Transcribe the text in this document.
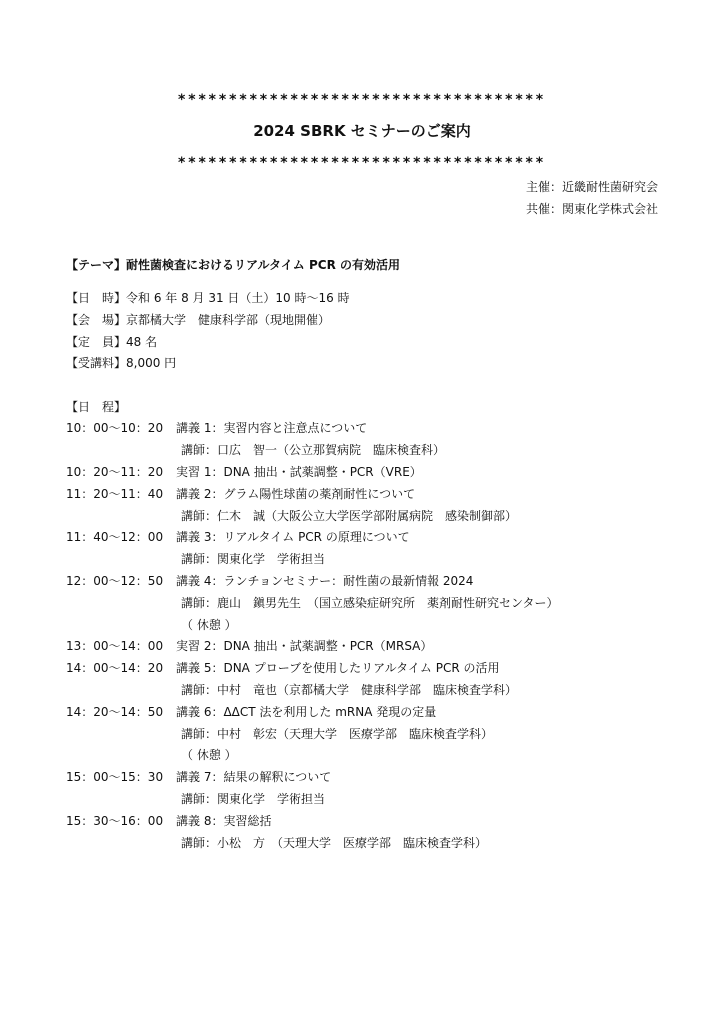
************************************
2024 SBRK セミナーのご案内
************************************
主催：近畿耐性菌研究会
共催：関東化学株式会社
【テーマ】耐性菌検査におけるリアルタイム PCR の有効活用
【日　時】令和 6 年 8 月 31 日（土）10 時～16 時
【会　場】京都橘大学　健康科学部（現地開催）
【定　員】48 名
【受講料】8,000 円
【日　程】
10：00～10：20 講義 1：実習内容と注意点について
講師：口広　智一（公立那賀病院　臨床検査科）
10：20～11：20 実習 1：DNA 抽出・試薬調整・PCR（VRE）
11：20～11：40 講義 2：グラム陽性球菌の薬剤耐性について
講師：仁木　誠（大阪公立大学医学部附属病院　感染制御部）
11：40～12：00 講義 3：リアルタイム PCR の原理について
講師：関東化学　学術担当
12：00～12：50 講義 4：ランチョンセミナー：耐性菌の最新情報 2024
講師：鹿山　鎭男先生　（国立感染症研究所　薬剤耐性研究センター）
（ 休憩 ）
13：00～14：00 実習 2：DNA 抽出・試薬調整・PCR（MRSA）
14：00～14：20 講義 5：DNA プローブを使用したリアルタイム PCR の活用
講師：中村　竜也（京都橘大学　健康科学部　臨床検査学科）
14：20～14：50 講義 6：ΔΔCT 法を利用した mRNA 発現の定量
講師：中村　彰宏（天理大学　医療学部　臨床検査学科）
（ 休憩 ）
15：00～15：30 講義 7：結果の解釈について
講師：関東化学　学術担当
15：30～16：00 講義 8：実習総括
講師：小松　方　（天理大学　医療学部　臨床検査学科）
